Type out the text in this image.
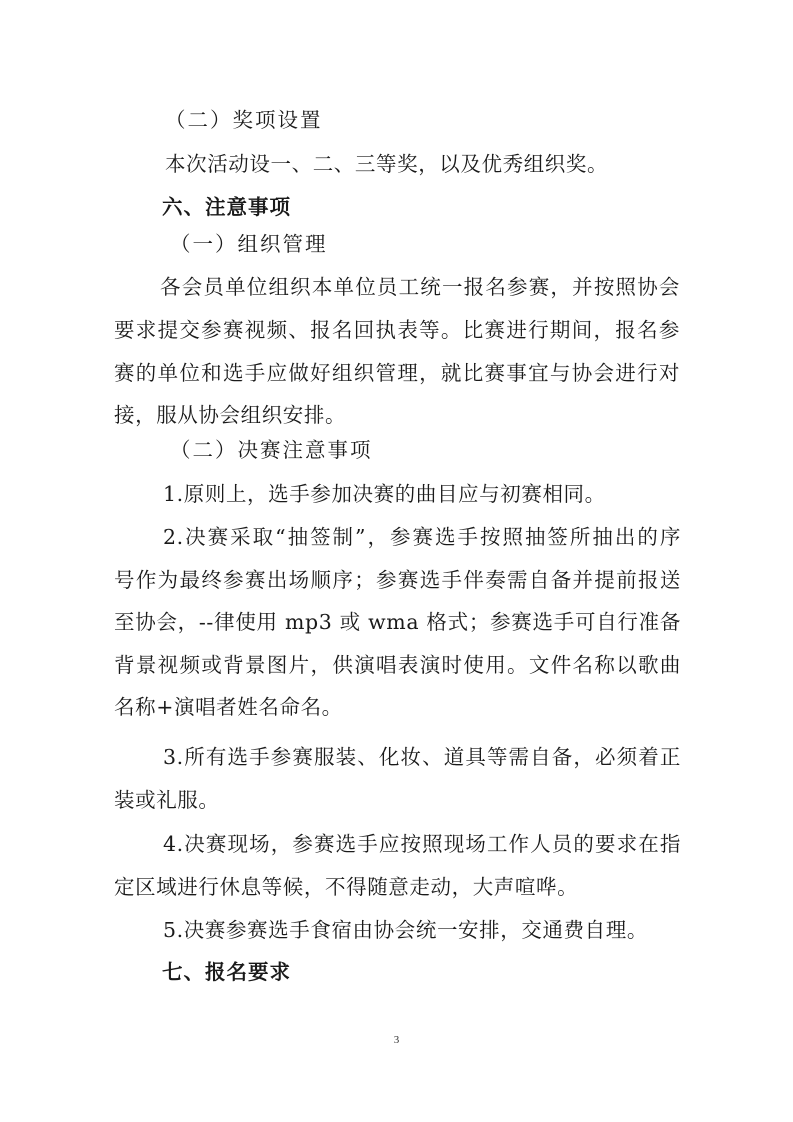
（二）奖项设置
本次活动设一、二、三等奖，以及优秀组织奖。
六、注意事项
（一）组织管理
各会员单位组织本单位员工统一报名参赛，并按照协会
要求提交参赛视频、报名回执表等。比赛进行期间，报名参
赛的单位和选手应做好组织管理，就比赛事宜与协会进行对
接，服从协会组织安排。
（二）决赛注意事项
1.原则上，选手参加决赛的曲目应与初赛相同。
2.决赛采取“抽签制”，参赛选手按照抽签所抽出的序
号作为最终参赛出场顺序；参赛选手伴奏需自备并提前报送
至协会，--律使用 mp3 或 wma 格式；参赛选手可自行准备
背景视频或背景图片，供演唱表演时使用。文件名称以歌曲
名称+演唱者姓名命名。
3.所有选手参赛服装、化妆、道具等需自备，必须着正
装或礼服。
4.决赛现场，参赛选手应按照现场工作人员的要求在指
定区域进行休息等候，不得随意走动，大声喧哗。
5.决赛参赛选手食宿由协会统一安排，交通费自理。
七、报名要求
3
